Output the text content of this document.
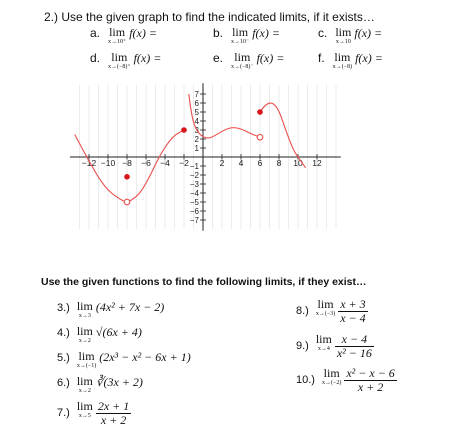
2.) Use the given graph to find the indicated limits, if it exists…
a. lim
x→10⁺
f(x) =	b. lim
x→10⁻
f(x) =	c. lim
x→10
f(x) =
d. lim
x→(−8)⁺
f(x) =	e. lim
x→(−8)⁻
f(x) =	f. lim
x→(−8)
f(x) =
−12 −10 −8 −6 −4 −2	2 4 6 8 10 12
7
6
5
4
3
2
1
−1
−2
−3
−4
−5
−6
−7
Use the given functions to find the following limits, if they exist…
3.) lim
x→3
(4x² + 7x − 2)
4.) lim
x→2
√(6x + 4)
5.) lim
x→(−1)
(2x³ − x² − 6x + 1)
6.) lim
x→2
∛(3x + 2)
7.) lim
x→5
$\frac{2x + 1}{x + 2}$
8.) lim
x→(−3)
$\frac{x + 3}{x - 4}$
9.) lim
x→4
$\frac{x - 4}{\text{x² − 16}}$
10.) lim
x→(−2)
$\frac{\text{x² − x − 6}}{x + 2}$
